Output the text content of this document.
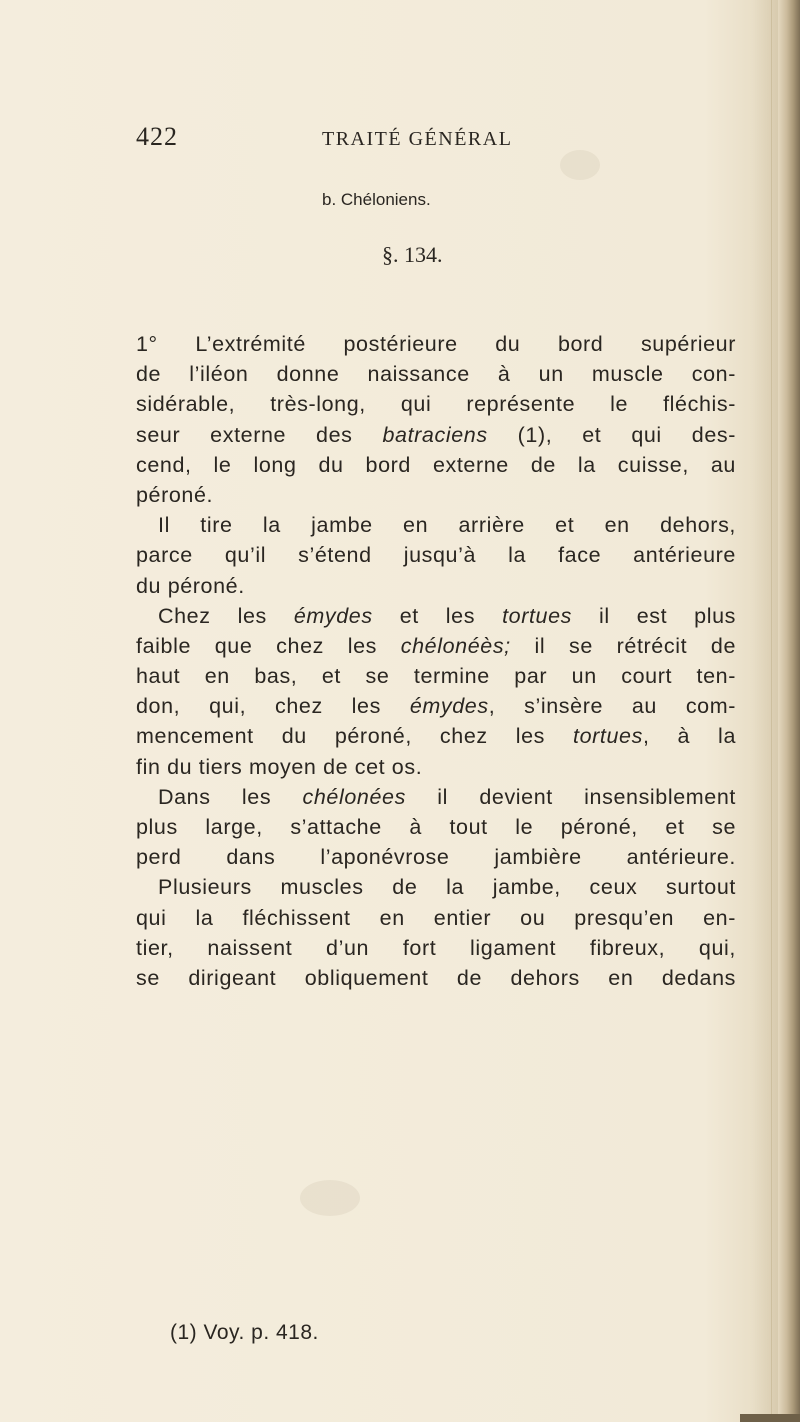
422	TRAITÉ GÉNÉRAL
b. Chéloniens.
§. 134.
1° L’extrémité postérieure du bord supérieur
de l’iléon donne naissance à un muscle con-
sidérable, très-long, qui représente le fléchis-
seur externe des batraciens (1), et qui des-
cend, le long du bord externe de la cuisse, au
péroné.
Il tire la jambe en arrière et en dehors,
parce qu’il s’étend jusqu’à la face antérieure
du péroné.
Chez les émydes et les tortues il est plus
faible que chez les chélonéès; il se rétrécit de
haut en bas, et se termine par un court ten-
don, qui, chez les émydes, s’insère au com-
mencement du péroné, chez les tortues, à la
fin du tiers moyen de cet os.
Dans les chélonées il devient insensiblement
plus large, s’attache à tout le péroné, et se
perd dans l’aponévrose jambière antérieure.
Plusieurs muscles de la jambe, ceux surtout
qui la fléchissent en entier ou presqu’en en-
tier, naissent d’un fort ligament fibreux, qui,
se dirigeant obliquement de dehors en dedans
(1) Voy. p. 418.
